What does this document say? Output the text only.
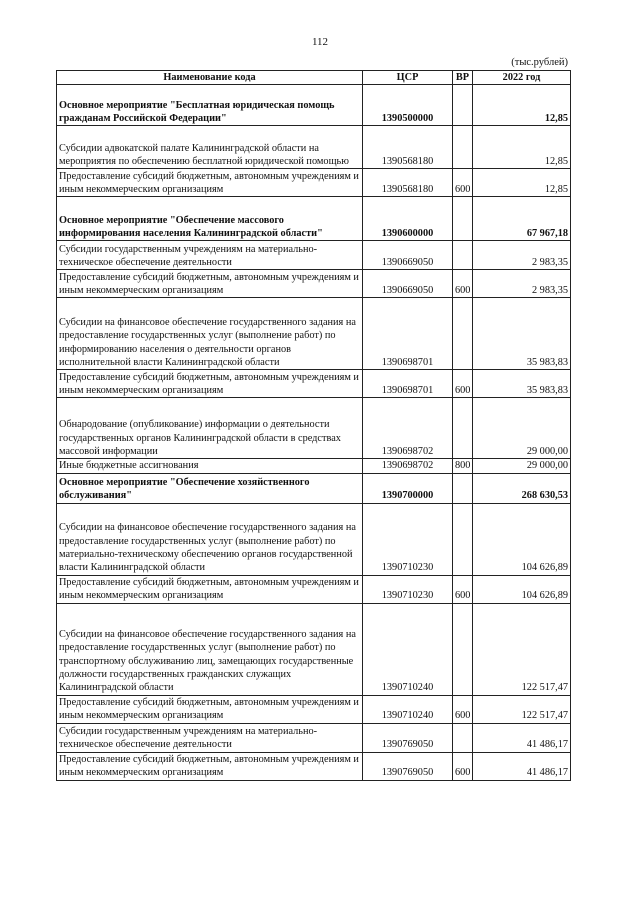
112
(тыс.рублей)
Наименование кода	ЦСР	ВР	2022 год
Основное мероприятие "Бесплатная юридическая помощь гражданам Российской Федерации"	1390500000		12,85
Субсидии адвокатской палате Калининградской области на мероприятия по обеспечению бесплатной юридической помощью	1390568180		12,85
Предоставление субсидий бюджетным, автономным учреждениям и иным некоммерческим организациям	1390568180	600	12,85
Основное мероприятие "Обеспечение массового информирования населения Калининградской области"	1390600000		67 967,18
Субсидии государственным учреждениям на материально-техническое обеспечение деятельности	1390669050		2 983,35
Предоставление субсидий бюджетным, автономным учреждениям и иным некоммерческим организациям	1390669050	600	2 983,35
Субсидии на финансовое обеспечение государственного задания на предоставление государственных услуг (выполнение работ) по информированию населения о деятельности органов исполнительной власти Калининградской области	1390698701		35 983,83
Предоставление субсидий бюджетным, автономным учреждениям и иным некоммерческим организациям	1390698701	600	35 983,83
Обнародование (опубликование) информации о деятельности государственных органов Калининградской области в средствах массовой информации	1390698702		29 000,00
Иные бюджетные ассигнования	1390698702	800	29 000,00
Основное мероприятие "Обеспечение хозяйственного обслуживания"	1390700000		268 630,53
Субсидии на финансовое обеспечение государственного задания на предоставление государственных услуг (выполнение работ) по материально-техническому обеспечению органов государственной власти Калининградской области	1390710230		104 626,89
Предоставление субсидий бюджетным, автономным учреждениям и иным некоммерческим организациям	1390710230	600	104 626,89
Субсидии на финансовое обеспечение государственного задания на предоставление государственных услуг (выполнение работ) по транспортному обслуживанию лиц, замещающих государственные должности государственных гражданских служащих Калининградской области	1390710240		122 517,47
Предоставление субсидий бюджетным, автономным учреждениям и иным некоммерческим организациям	1390710240	600	122 517,47
Субсидии государственным учреждениям на материально-техническое обеспечение деятельности	1390769050		41 486,17
Предоставление субсидий бюджетным, автономным учреждениям и иным некоммерческим организациям	1390769050	600	41 486,17
